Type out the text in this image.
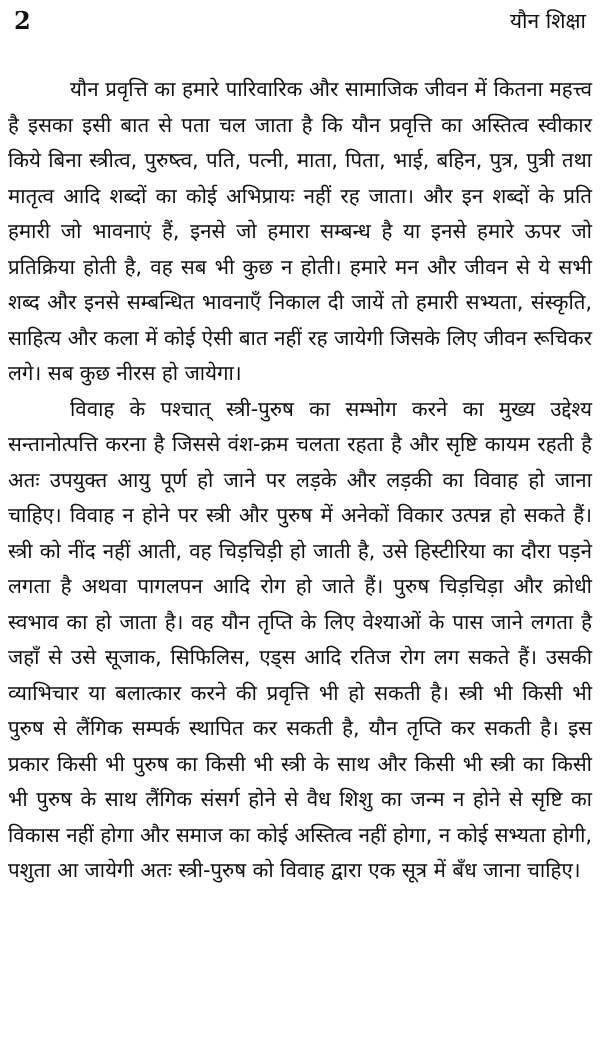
2	यौन शिक्षा

यौन प्रवृत्ति का हमारे पारिवारिक और सामाजिक जीवन में कितना महत्त्व है इसका इसी बात से पता चल जाता है कि यौन प्रवृत्ति का अस्तित्व स्वीकार किये बिना स्त्रीत्व, पुरुष्त्व, पति, पत्नी, माता, पिता, भाई, बहिन, पुत्र, पुत्री तथा मातृत्व आदि शब्दों का कोई अभिप्रायः नहीं रह जाता। और इन शब्दों के प्रति हमारी जो भावनाएं हैं, इनसे जो हमारा सम्बन्ध है या इनसे हमारे ऊपर जो प्रतिक्रिया होती है, वह सब भी कुछ न होती। हमारे मन और जीवन से ये सभी शब्द और इनसे सम्बन्धित भावनाएँ निकाल दी जायें तो हमारी सभ्यता, संस्कृति, साहित्य और कला में कोई ऐसी बात नहीं रह जायेगी जिसके लिए जीवन रूचिकर लगे। सब कुछ नीरस हो जायेगा।

विवाह के पश्चात् स्त्री-पुरुष का सम्भोग करने का मुख्य उद्देश्य सन्तानोत्पत्ति करना है जिससे वंश-क्रम चलता रहता है और सृष्टि कायम रहती है अतः उपयुक्त आयु पूर्ण हो जाने पर लड़के और लड़की का विवाह हो जाना चाहिए। विवाह न होने पर स्त्री और पुरुष में अनेकों विकार उत्पन्न हो सकते हैं। स्त्री को नींद नहीं आती, वह चिड़चिड़ी हो जाती है, उसे हिस्टीरिया का दौरा पड़ने लगता है अथवा पागलपन आदि रोग हो जाते हैं। पुरुष चिड़चिड़ा और क्रोधी स्वभाव का हो जाता है। वह यौन तृप्ति के लिए वेश्याओं के पास जाने लगता है जहाँ से उसे सूजाक, सिफिलिस, एड्स आदि रतिज रोग लग सकते हैं। उसकी व्याभिचार या बलात्कार करने की प्रवृत्ति भी हो सकती है। स्त्री भी किसी भी पुरुष से लैंगिक सम्पर्क स्थापित कर सकती है, यौन तृप्ति कर सकती है। इस प्रकार किसी भी पुरुष का किसी भी स्त्री के साथ और किसी भी स्त्री का किसी भी पुरुष के साथ लैंगिक संसर्ग होने से वैध शिशु का जन्म न होने से सृष्टि का विकास नहीं होगा और समाज का कोई अस्तित्व नहीं होगा, न कोई सभ्यता होगी, पशुता आ जायेगी अतः स्त्री-पुरुष को विवाह द्वारा एक सूत्र में बँध जाना चाहिए।
